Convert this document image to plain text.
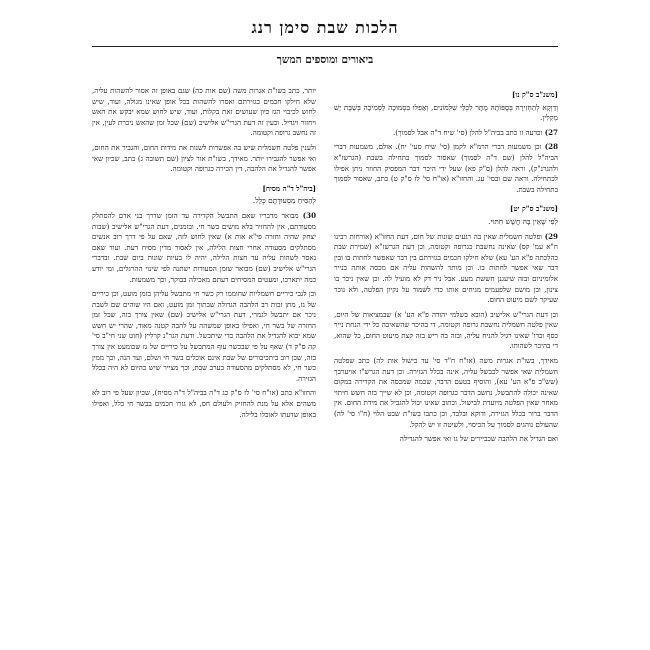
הלכות שבת סימן רנג
ביאורים ומוספים המשך

[משנ"ב ס"ק נו]

וְדַוְקָא לְהַחְזִירָהּ בְּסֻפּוֹתָהּ מֻתָּר לִכְלֵי שִׁלְמוֹנִים, וְאַפִלּוּ בִּסְמוּכָה לַסְּמִיכָה בְּשַׁבָּת יֵשׁ מְקִלִּין.

27) וכדעה זו כתב בביה"ל להלן (סי' שיח ד"ה אבל לסמוך).

28) וכן משמעות דברי הרמ"א לקמן (סי' שיח סעי' יח). אולם, משמעות דברי הביה"ל להלן (שם ד"ה לסמוך) שאסור לסמוך בתחילה בשבת (הגרשז"א ולהגרנ"ק), וראה להלן (ס"ק פא) שעל ידי היכר דבר המפסיק החוזר ניתן אפילו לכתחילה. וראה שם ובסי' עג. והחזו"א (או"ח סי' לז ס"ק ט) כתב, שאסור לסמוך בתחילה בשבת.

[משנ"ב ס"ק יט]

לְפִי שֶׁאֵין בָּהּ חֲשָׁשׁ חִתּוּי.

29) ופלטה חשמלית שאין בה רגעים שונות של חום, דעת החזו"א (אורחות רבינו ח"א עמ' קס) שאינה נחשבת כגרופה וקטומה, וכן דעת הגרשז"א (שמירת שבת כהלכתה פ"א הע' עא) שלא חילקו חכמים בגזירתם בין דבר שאפשר לחתות בו ובין דבר שאי אפשר לחתות בו. וכן מותר להשהות עליה אם מכסה אותה בנייר אלומיניום ובזה שיעגנן חששת מעע. אבל ניר דק לא מועיל לה. וכן שאין ניכר בו צינון, ובן מושם שלפעמים מגיחים אותו כדי לשמור על נקיון הפלטה, ולא נוכר שעיקר לשם מיעוט החום.

וכן דעת הגרי"ש אלישיב (הובא בשלמי יהודה פ"א הע' א) שבמציאות של היום, שאין פלטה חשמלית נחשבת גרופה וקטומה, די בהיכר שהשאיבה כל ידי הנחת נייר כסף וכדו' שאינו רגיל להניח עליה, ובזה בה ריש בזה קצת מיעוט החום, כל שהוא, די בהיכר לשהותו.

מאידך, בשו"ת אגרות משה (או"ח ח"ד סי' עד בישול אות לה) כתב שפלטה חשמלית שאי אפשר לכבשל עליה, אינה בכלל הגזירה. וכן דעת הגרש"ז אויערבך (שש"כ פ"א הע' עא), והוסיף בטעם הדבר, שכמה שמכסה את הקדירה במקום שאינה יכולה להתבשל, נחשב הדבר כגרופה וקטומה, וכן לא שייך בזה חשש חיתוי מאחר שאין הפלטה מיועדת לבישול. וכתוב שאינו יכול להגביל את מידת החום. אין הדבר ברור בכלל הגזירה, ודוקא ובלבד, וכן כתבו בשו"ת שבט הלוי (ח"ו סי' לה) שהעולם נוהגים לסמוך על הכיסוי, ולשיטה זו יש להקל.

ואם הגדיל את הלהבה שכביירים של גז ואי אפשר להגדילה

יותר, כתב בשו"ת אגרות משה (שם אות כה) שגם באופן זה אסור להשהות עליה, שלא חילקו חכמים בגזירתם ואסרו להשהות בכל אופן שאינו מגולה, ועוד, שיש לחוש לכיבוי הגז כיון שעושים זאת בקלות, ועוד, שיש לחוש שמא יבקש את האש ויחזור ויגדיל. וכעין זה דעת הגרי"ש אלישיב (שם) שכל זמן שהאש ניכרת לעין, אין זה נחשב גרופה וקטומה.

ולענין פלטה חשמלית שיש בה אפשרות לשנות את מידות החום, והגביר את החום, ואי אפשר להגבירו יותר. מאידך, בשו"ת אור לציון (שם תשובה ג) כתב, שכיון שאי אפשר להגדיל את הלהבה, דין הכירה כגרופה וקטומה.

[ביה"ל ד"ה מסיח]

לְהַסִּיחַ מִסְעוּדָתָם כְּלָל.

30) מבואר מדבריו שאם התבשל הקדירה עד הזמן שדרך בני אדם להסתלק מסעודתם, אין להחזיר בלא מושים בשר חי. ובזמנים, דעת הגרי"ש אלישיב (שבות יצחק שהיה וחזרה פי"א אות א) שאין לחוש לזה, שאם על פי דרך רוב אנשים מסתלקים מסעודה אחרי חצות הלילה, אין לאסור מדין מסיח דעת. ועוד שאם נאסר לשהות עליה עד חצות הלילה, יהיה לו בעיות שונות ביום שבת. ובדברי הגרי"ש אלישיב (שם) מבואר שזמן הסעודות ישתנה לפי שינוי ההרגלים, ומי יודע כמה יתארכו, ומעטים המסיחים דעתם מאכילה בבוקר, וכך משמעות.

וכן לגבי כיריים חשמליות שחוממו רק כשר חי מתבשל עליהן בזמן מועט, וכן כיריים של גז, מתן זכות רב הלהבה הגדולה שבתוך זמן מועט, ואם היו שוהים שם לשבת ניכר אם יתבשל לגמרי, דעת הגרי"ש אלישיב (שם) שאין צורך בזה, שכל זמן החזרה של בשר חי, ואפילו באופן שמשהה על להבה קטנה מאוד, שהרי יש חשש שמא יבוא להגדיל את הלהבה כדי שיתבשל. ודעת הגר"נ קרליץ (חוט שני חי"ב סי' קה ס"ק ד) שאף על פי שבכשר עוף המתבשל על כיריים של גז שכומעט אין צורך בזה, שכן רוב ביתכיבורים של שבת אינם אוכלים בשר חי ושלם, ועד הנה, וכך ממין כשר חי, לא מסתלקים מהסעודה בערב שבת, וכך מצייר שיש כהיום לא היה בכלל הגזירה.

והחזו"א כתב (או"ח סי' לז ס"ק כג ד"ה בביה"ל ד"ה מסיח), שכיון שעל פי רוב לא משהים אלא על מנת להחזיק ולעולם חס, לא גזרו חכמים בבשר חי כלל, ואפילו באופן שדעתו לאוכלו בלילה.
